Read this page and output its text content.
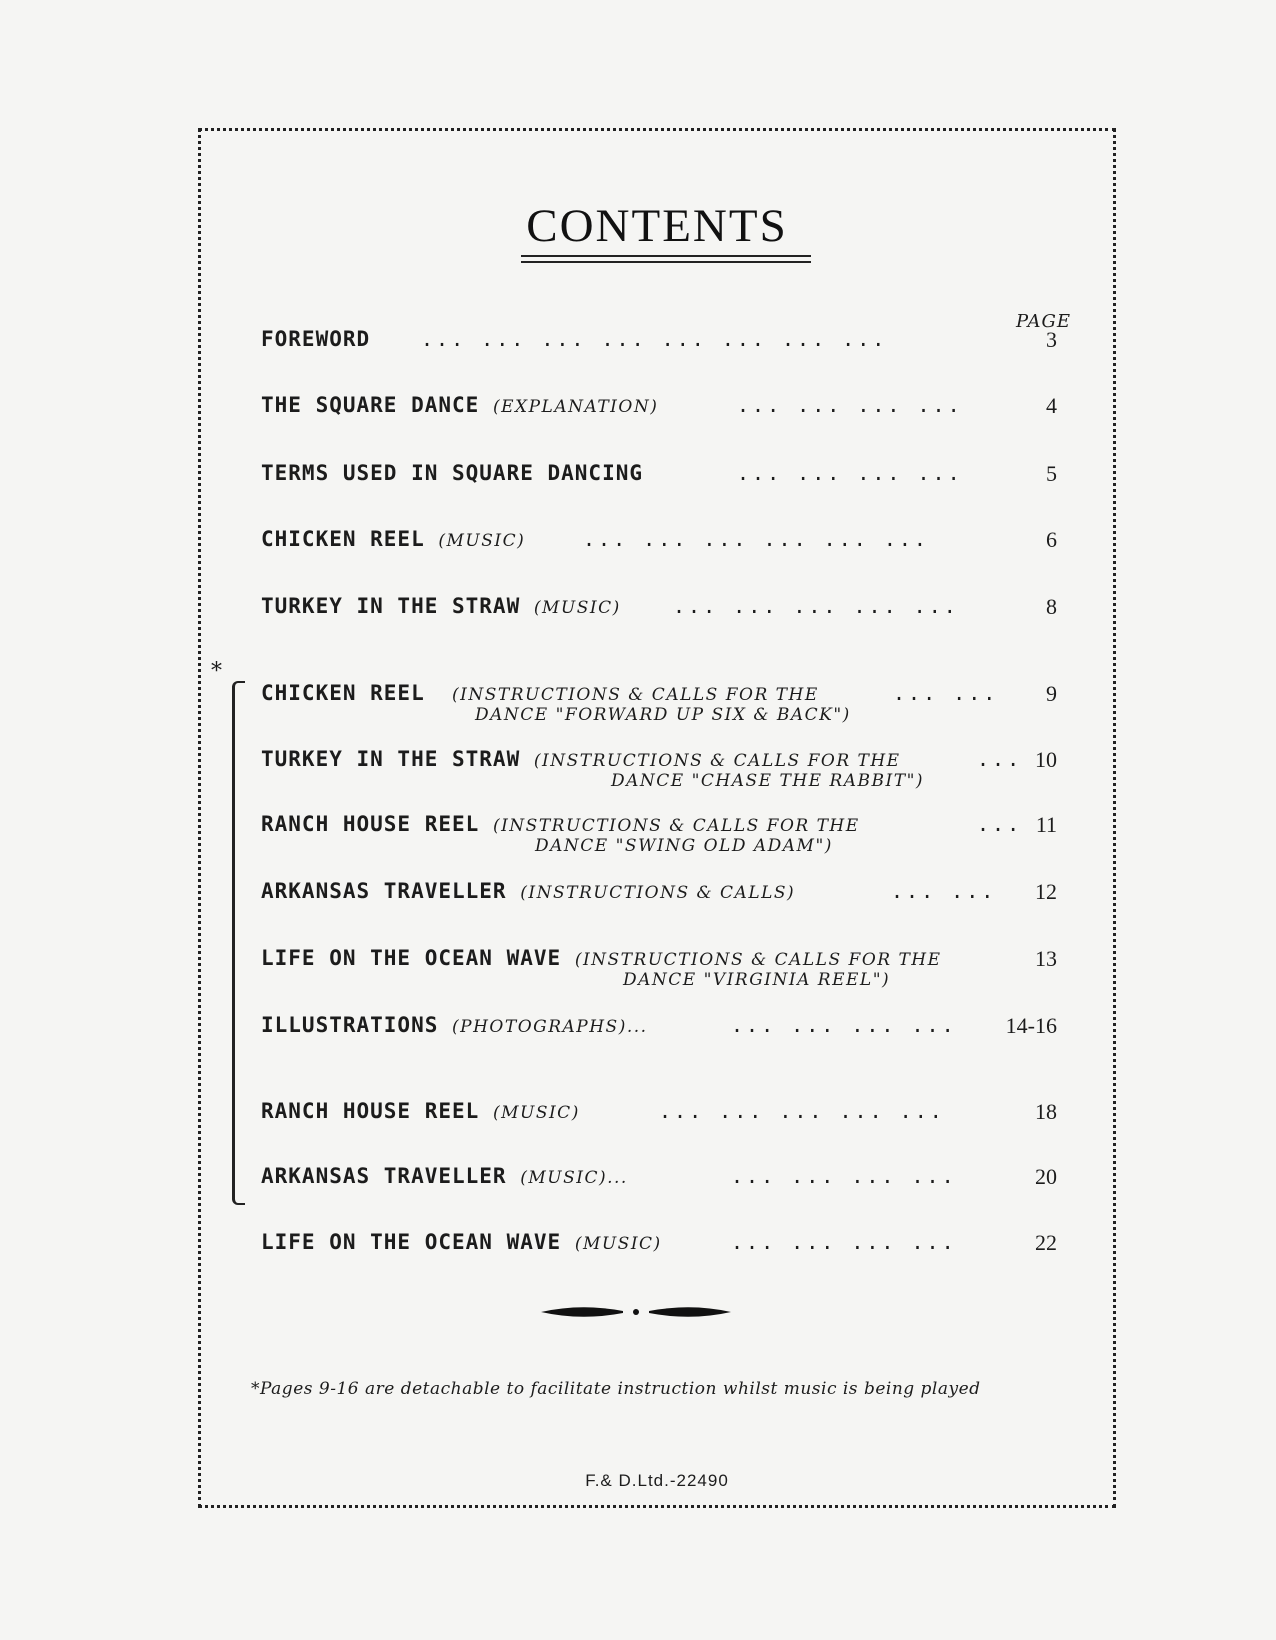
CONTENTS
PAGE
FOREWORD	... ... ... ... ... ... ... ...	3
THE SQUARE DANCE (EXPLANATION)	... ... ... ...	4
TERMS USED IN SQUARE DANCING	... ... ... ...	5
CHICKEN REEL (MUSIC)	... ... ... ... ... ...	6
TURKEY IN THE STRAW (MUSIC)	... ... ... ... ...	8
*
CHICKEN REEL (INSTRUCTIONS & CALLS FOR THE
DANCE "FORWARD UP SIX & BACK")
... ...	9
TURKEY IN THE STRAW (INSTRUCTIONS & CALLS FOR THE
DANCE "CHASE THE RABBIT")
... 10
RANCH HOUSE REEL (INSTRUCTIONS & CALLS FOR THE
DANCE "SWING OLD ADAM")
... 11
ARKANSAS TRAVELLER (INSTRUCTIONS & CALLS)	... ...	12
LIFE ON THE OCEAN WAVE (INSTRUCTIONS & CALLS FOR THE
DANCE "VIRGINIA REEL")
13
ILLUSTRATIONS (PHOTOGRAPHS)...	... ... ... ...	14-16
RANCH HOUSE REEL (MUSIC)	... ... ... ... ...	18
ARKANSAS TRAVELLER (MUSIC)...	... ... ... ...	20
LIFE ON THE OCEAN WAVE (MUSIC)	... ... ... ...	22
*Pages 9-16 are detachable to facilitate instruction whilst music is being played
F.& D.Ltd.-22490
